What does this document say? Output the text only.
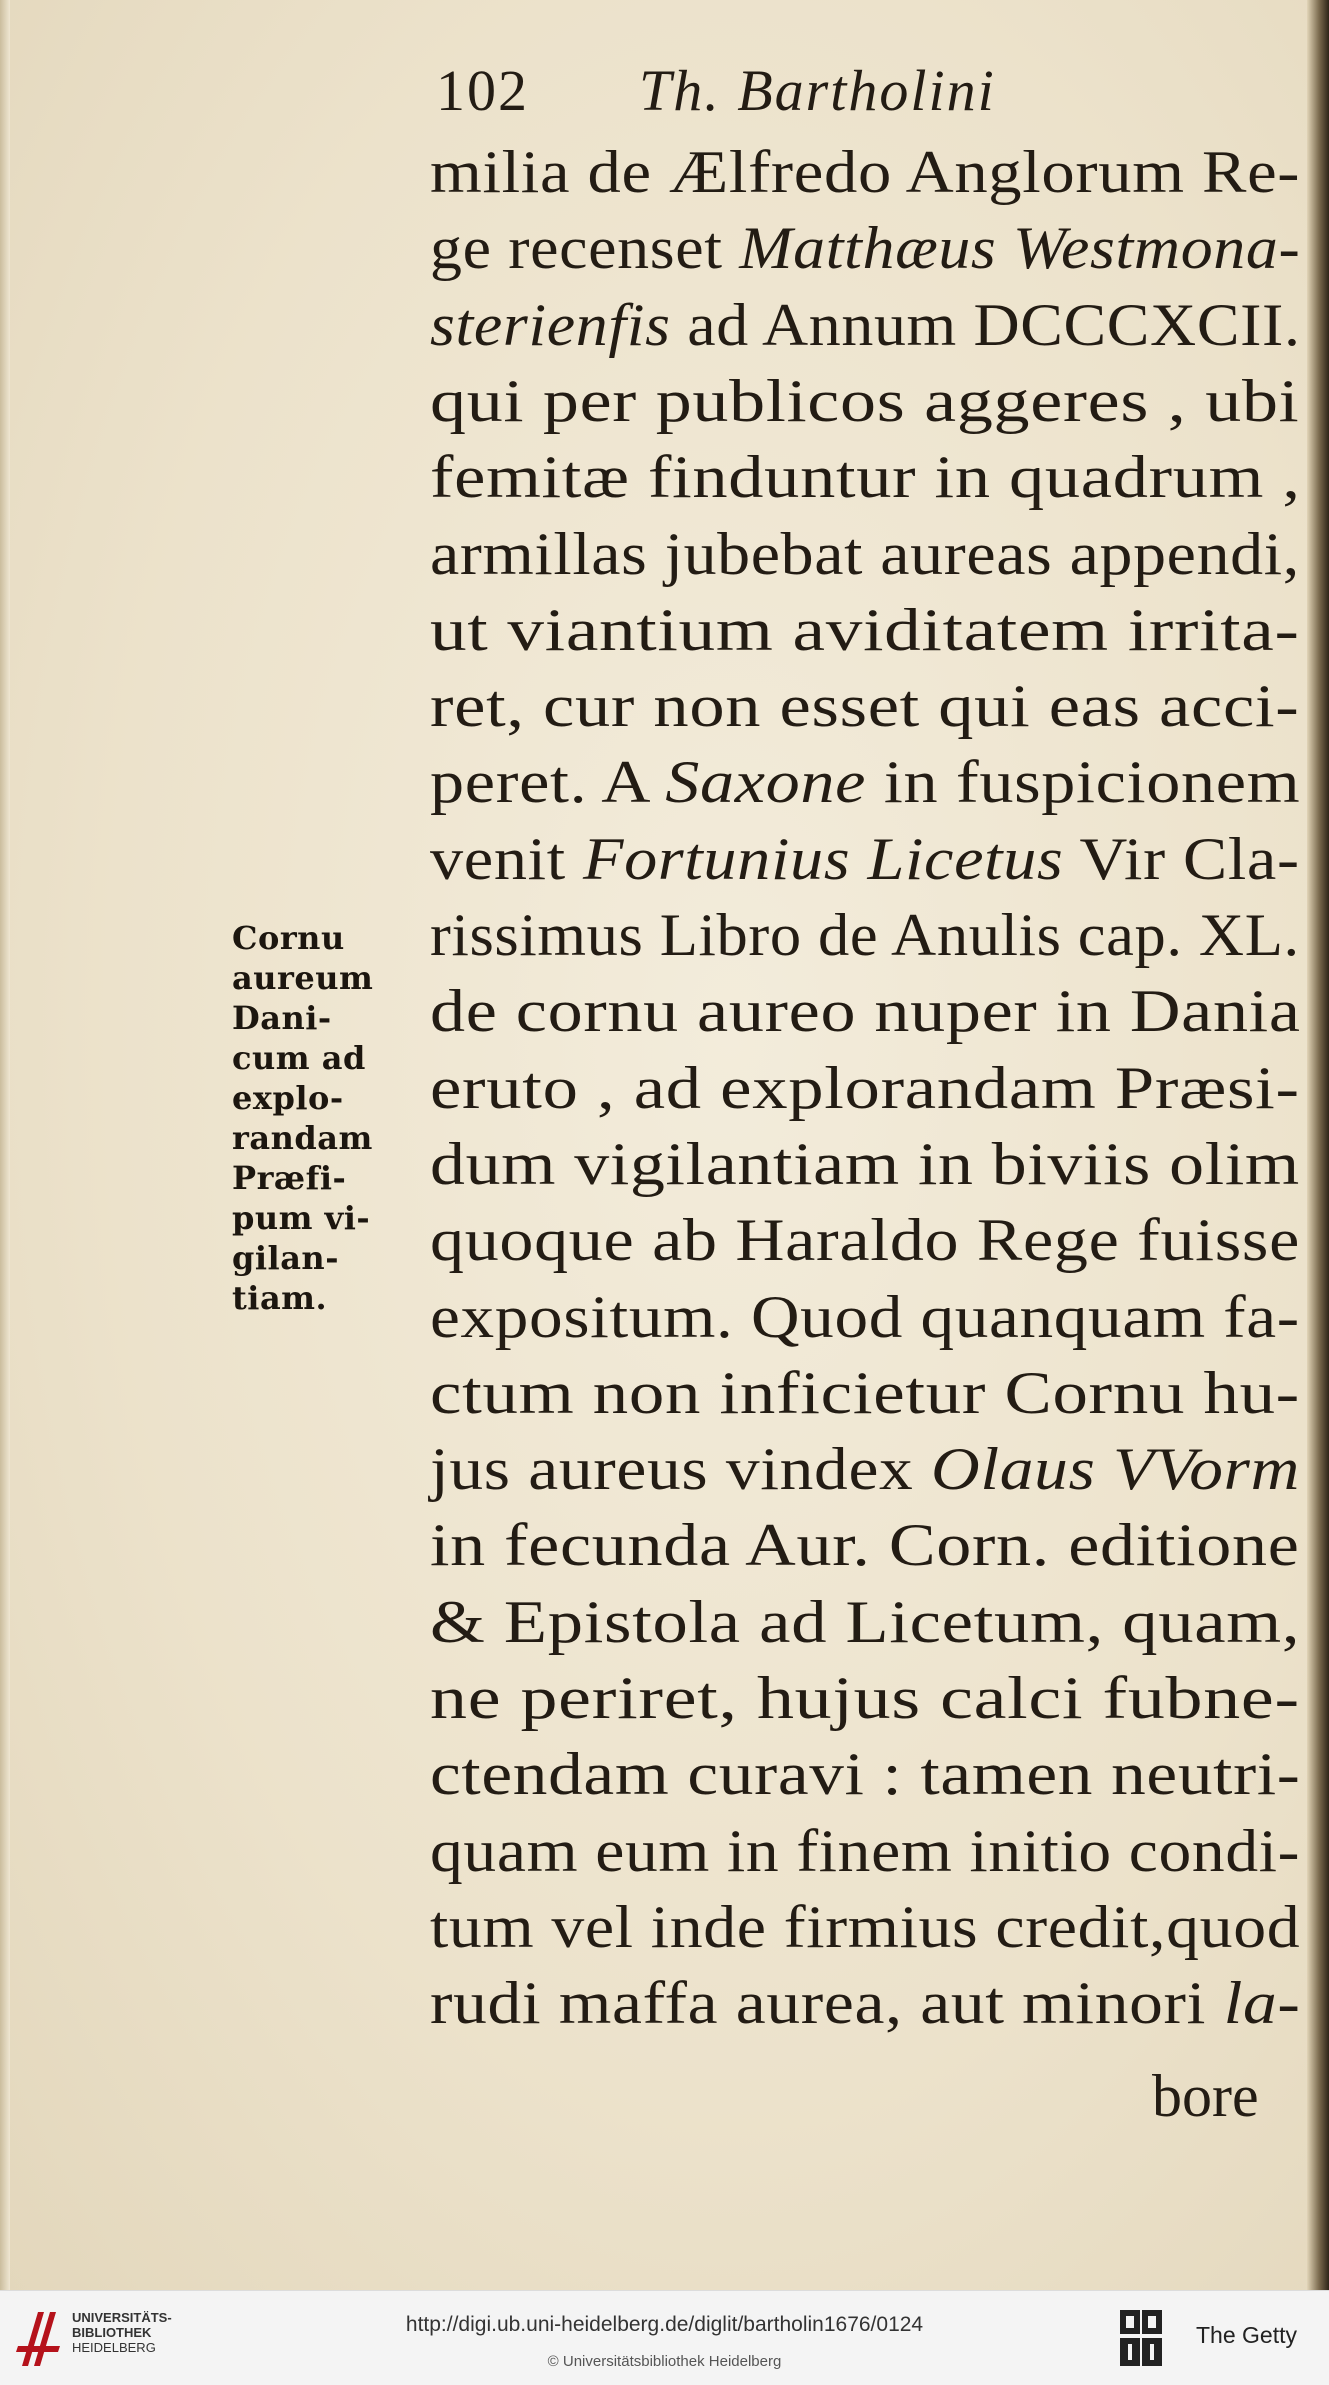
102 Th. Bartholini
milia de Ælfredo Anglorum Re-
ge recenset Matthæus Westmona-
sterienfis ad Annum DCCCXCII.
qui per publicos aggeres , ubi
femitæ finduntur in quadrum ,
armillas jubebat aureas appendi,
ut viantium aviditatem irrita-
ret, cur non esset qui eas acci-
peret. A Saxone in fuspicionem
venit Fortunius Licetus Vir Cla-
rissimus Libro de Anulis cap. XL.
de cornu aureo nuper in Dania
eruto , ad explorandam Præsi-
dum vigilantiam in biviis olim
quoque ab Haraldo Rege fuisse
expositum. Quod quanquam fa-
ctum non inficietur Cornu hu-
jus aureus vindex Olaus VVorm
in fecunda Aur. Corn. editione
& Epistola ad Licetum, quam,
ne periret, hujus calci fubne-
ctendam curavi : tamen neutri-
quam eum in finem initio condi-
tum vel inde firmius credit,quod
rudi maffa aurea, aut minori la-
Cornu
aureum
Dani-
cum ad
explo-
randam
Præfi-
pum vi-
gilan-
tiam.
bore
UNIVERSITÄTS-
BIBLIOTHEK
HEIDELBERG
http://digi.ub.uni-heidelberg.de/diglit/bartholin1676/0124
© Universitätsbibliothek Heidelberg
The Getty
